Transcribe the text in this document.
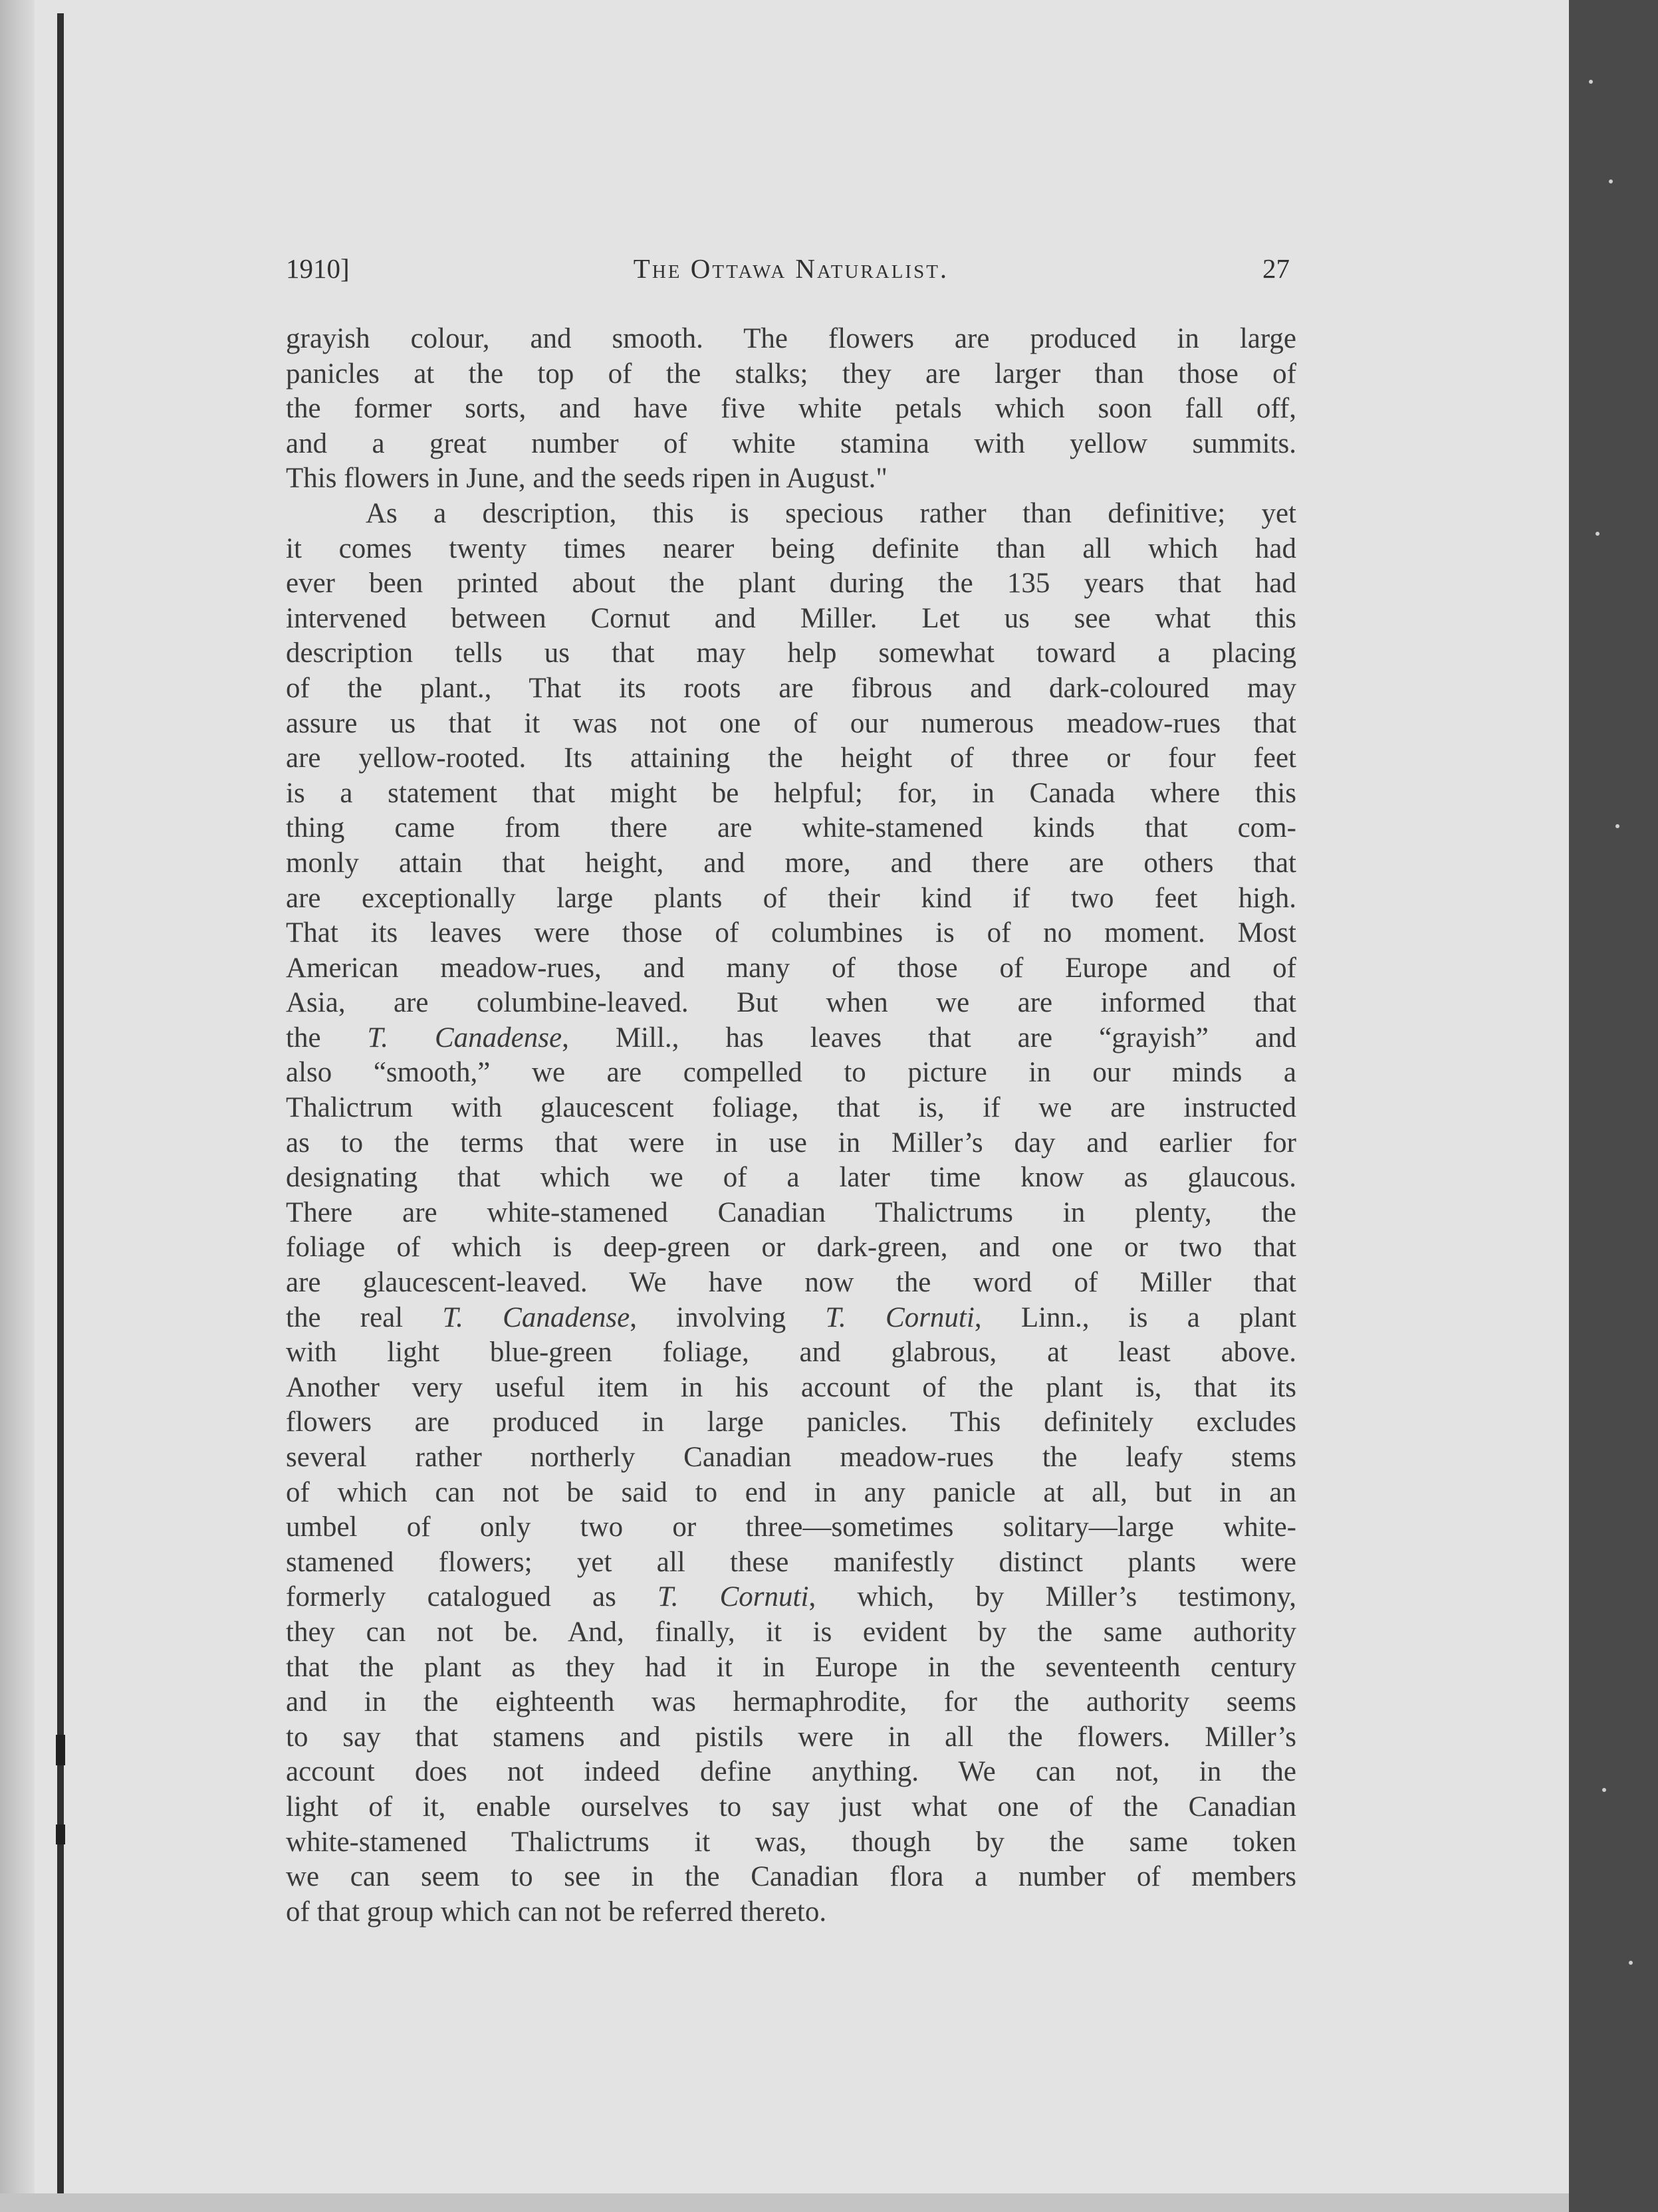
1910]	The Ottawa Naturalist.	27
grayish colour, and smooth. The flowers are produced in large
panicles at the top of the stalks; they are larger than those of
the former sorts, and have five white petals which soon fall off,
and a great number of white stamina with yellow summits.
This flowers in June, and the seeds ripen in August."
As a description, this is specious rather than definitive; yet
it comes twenty times nearer being definite than all which had
ever been printed about the plant during the 135 years that had
intervened between Cornut and Miller. Let us see what this
description tells us that may help somewhat toward a placing
of the plant., That its roots are fibrous and dark-coloured may
assure us that it was not one of our numerous meadow-rues that
are yellow-rooted. Its attaining the height of three or four feet
is a statement that might be helpful; for, in Canada where this
thing came from there are white-stamened kinds that com-
monly attain that height, and more, and there are others that
are exceptionally large plants of their kind if two feet high.
That its leaves were those of columbines is of no moment. Most
American meadow-rues, and many of those of Europe and of
Asia, are columbine-leaved. But when we are informed that
the T. Canadense, Mill., has leaves that are “grayish” and
also “smooth,” we are compelled to picture in our minds a
Thalictrum with glaucescent foliage, that is, if we are instructed
as to the terms that were in use in Miller’s day and earlier for
designating that which we of a later time know as glaucous.
There are white-stamened Canadian Thalictrums in plenty, the
foliage of which is deep-green or dark-green, and one or two that
are glaucescent-leaved. We have now the word of Miller that
the real T. Canadense, involving T. Cornuti, Linn., is a plant
with light blue-green foliage, and glabrous, at least above.
Another very useful item in his account of the plant is, that its
flowers are produced in large panicles. This definitely excludes
several rather northerly Canadian meadow-rues the leafy stems
of which can not be said to end in any panicle at all, but in an
umbel of only two or three—sometimes solitary—large white-
stamened flowers; yet all these manifestly distinct plants were
formerly catalogued as T. Cornuti, which, by Miller’s testimony,
they can not be. And, finally, it is evident by the same authority
that the plant as they had it in Europe in the seventeenth century
and in the eighteenth was hermaphrodite, for the authority seems
to say that stamens and pistils were in all the flowers. Miller’s
account does not indeed define anything. We can not, in the
light of it, enable ourselves to say just what one of the Canadian
white-stamened Thalictrums it was, though by the same token
we can seem to see in the Canadian flora a number of members
of that group which can not be referred thereto.
